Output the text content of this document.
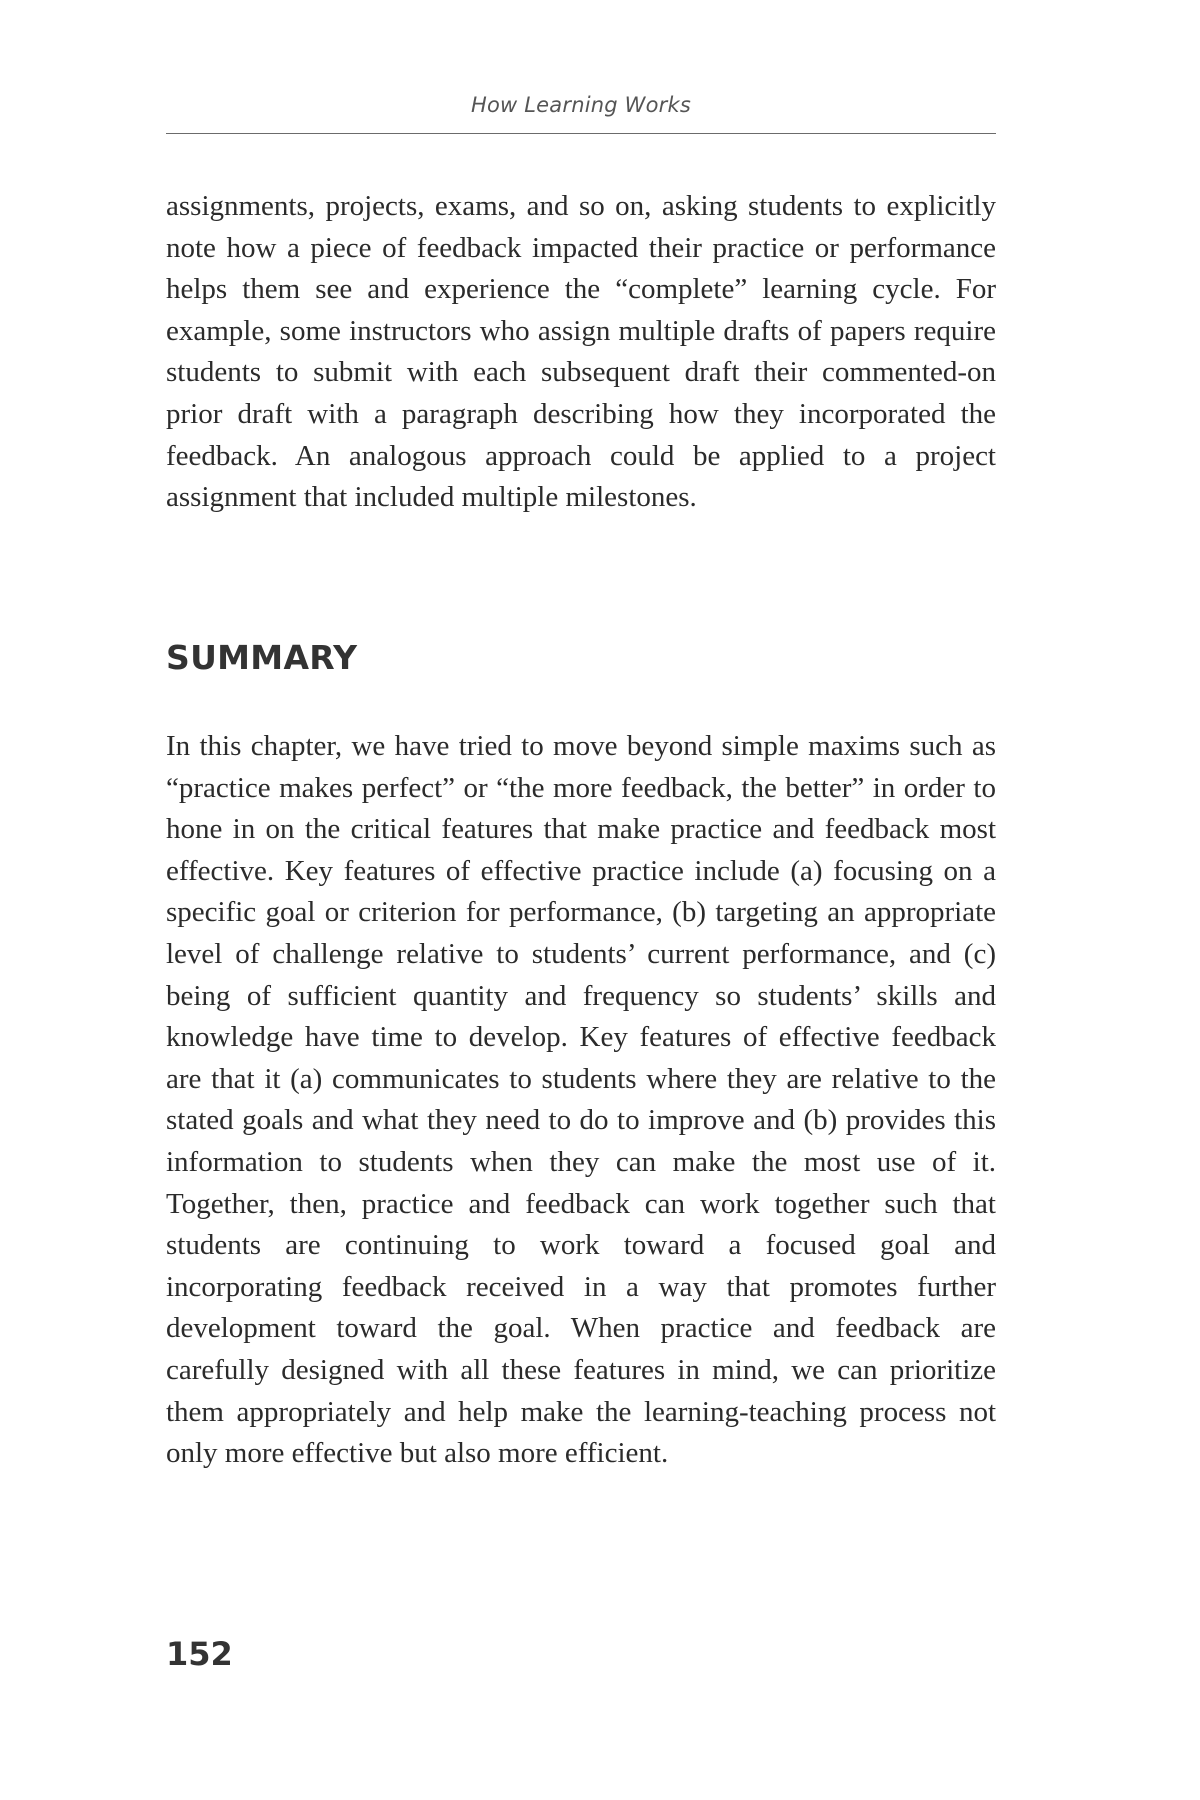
How Learning Works

assignments, projects, exams, and so on, asking students to explicitly note how a piece of feedback impacted their practice or performance helps them see and experience the “complete” learning cycle. For example, some instructors who assign multiple drafts of papers require students to submit with each subsequent draft their commented-on prior draft with a paragraph describing how they incorporated the feedback. An analogous approach could be applied to a project assignment that included multiple milestones.

SUMMARY

In this chapter, we have tried to move beyond simple maxims such as “practice makes perfect” or “the more feedback, the better” in order to hone in on the critical features that make practice and feedback most effective. Key features of effective practice include (a) focusing on a specific goal or criterion for performance, (b) targeting an appropriate level of challenge relative to students’ current performance, and (c) being of sufficient quantity and frequency so students’ skills and knowledge have time to develop. Key features of effective feedback are that it (a) communicates to students where they are relative to the stated goals and what they need to do to improve and (b) provides this information to students when they can make the most use of it. Together, then, practice and feedback can work together such that students are continuing to work toward a focused goal and incorporating feedback received in a way that promotes further development toward the goal. When practice and feedback are carefully designed with all these features in mind, we can prioritize them appropriately and help make the learning-teaching process not only more effective but also more efficient.

152
